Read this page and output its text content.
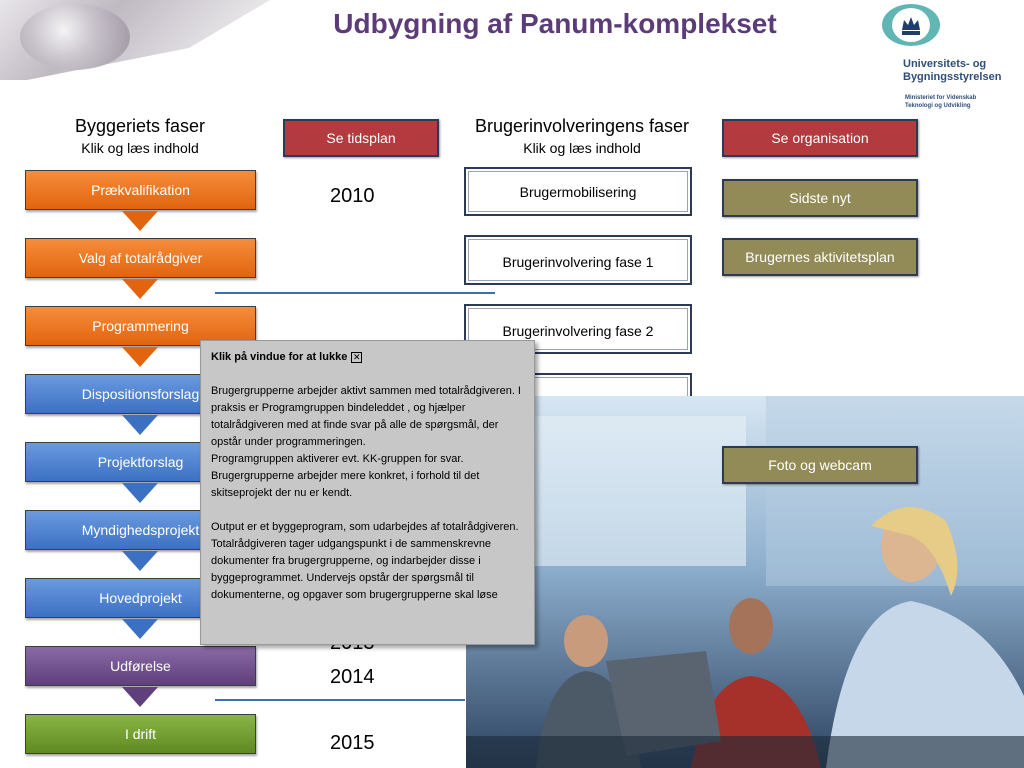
Udbygning af Panum-komplekset
Universitets- og
Bygningsstyrelsen
Ministeriet for Videnskab
Teknologi og Udvikling
Byggeriets faser
Klik og læs indhold
Prækvalifikation
Valg af totalrådgiver
Programmering
Dispositionsforslag
Projektforslag
Myndighedsprojekt
Hovedprojekt
Udførelse
I drift
Se tidsplan
2010
2014
2015
Brugerinvolveringens faser
Klik og læs indhold
Brugermobilisering
Brugerinvolvering fase 1
Brugerinvolvering fase 2
Se organisation
Sidste nyt
Brugernes aktivitetsplan
Foto og webcam

Klik på vindue for at lukke ✕

Brugergrupperne arbejder aktivt sammen med totalrådgiveren. I praksis er Programgruppen bindeleddet , og hjælper totalrådgiveren med at finde svar på alle de spørgsmål, der opstår under programmeringen.

Programgruppen aktiverer evt. KK-gruppen for svar.

Brugergrupperne arbejder mere konkret, i forhold til det skitseprojekt der nu er kendt.

Output er et byggeprogram, som udarbejdes af totalrådgiveren. Totalrådgiveren tager udgangspunkt i de sammenskrevne dokumenter fra brugergrupperne, og indarbejder disse i byggeprogrammet. Undervejs opstår der spørgsmål til dokumenterne, og opgaver som brugergrupperne skal løse
